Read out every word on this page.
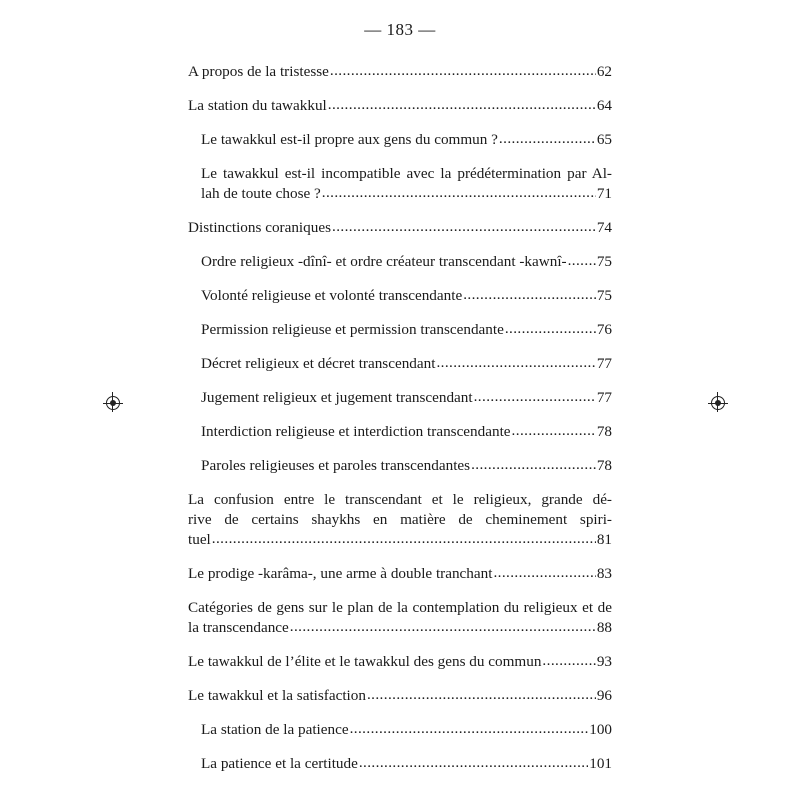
— 183 —
A propos de la tristesse .....	62
La station du tawakkul .....	64
Le tawakkul est-il propre aux gens du commun ? .....	65
Le tawakkul est-il incompatible avec la prédétermination par Al-
lah de toute chose ? .....	71
Distinctions coraniques .....	74
Ordre religieux -dînî- et ordre créateur transcendant -kawnî- ..... 75
Volonté religieuse et volonté transcendante .....	75
Permission religieuse et permission transcendante .....	76
Décret religieux et décret transcendant .....	77
Jugement religieux et jugement transcendant .....	77
Interdiction religieuse et interdiction transcendante .....	78
Paroles religieuses et paroles transcendantes .....	78
La confusion entre le transcendant et le religieux, grande dé-
rive de certains shaykhs en matière de cheminement spiri-
tuel .....	81
Le prodige -karâma-, une arme à double tranchant .....	83
Catégories de gens sur le plan de la contemplation du religieux et de
la transcendance .....	88
Le tawakkul de l’élite et le tawakkul des gens du commun .....	93
Le tawakkul et la satisfaction .....	96
La station de la patience .....	100
La patience et la certitude .....	101
